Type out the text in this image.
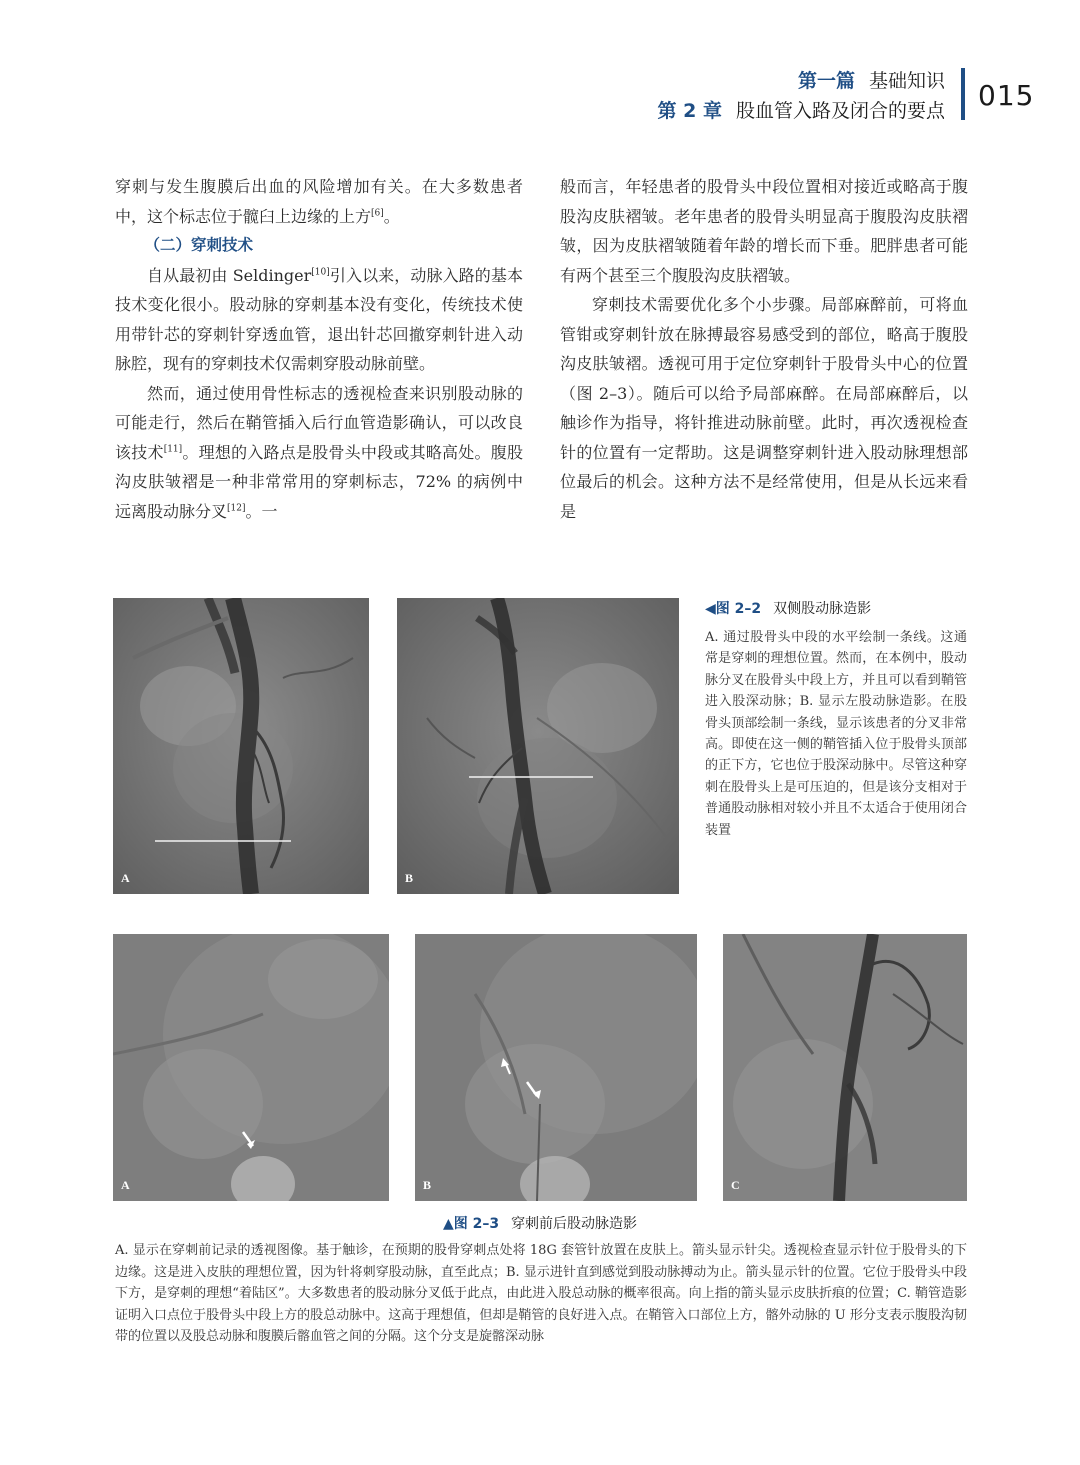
第一篇 基础知识
第 2 章 股血管入路及闭合的要点 015

穿刺与发生腹膜后出血的风险增加有关。在大多数患者中，这个标志位于髋臼上边缘的上方[6]。

（二）穿刺技术

自从最初由 Seldinger[10]引入以来，动脉入路的基本技术变化很小。股动脉的穿刺基本没有变化，传统技术使用带针芯的穿刺针穿透血管，退出针芯回撤穿刺针进入动脉腔，现有的穿刺技术仅需刺穿股动脉前壁。

然而，通过使用骨性标志的透视检查来识别股动脉的可能走行，然后在鞘管插入后行血管造影确认，可以改良该技术[11]。理想的入路点是股骨头中段或其略高处。腹股沟皮肤皱褶是一种非常常用的穿刺标志，72% 的病例中远离股动脉分叉[12]。一

般而言，年轻患者的股骨头中段位置相对接近或略高于腹股沟皮肤褶皱。老年患者的股骨头明显高于腹股沟皮肤褶皱，因为皮肤褶皱随着年龄的增长而下垂。肥胖患者可能有两个甚至三个腹股沟皮肤褶皱。

穿刺技术需要优化多个小步骤。局部麻醉前，可将血管钳或穿刺针放在脉搏最容易感受到的部位，略高于腹股沟皮肤皱褶。透视可用于定位穿刺针于股骨头中心的位置（图 2–3）。随后可以给予局部麻醉。在局部麻醉后，以触诊作为指导，将针推进动脉前壁。此时，再次透视检查针的位置有一定帮助。这是调整穿刺针进入股动脉理想部位最后的机会。这种方法不是经常使用，但是从长远来看是

A	B
◀图 2–2 双侧股动脉造影
A. 通过股骨头中段的水平绘制一条线。这通常是穿刺的理想位置。然而，在本例中，股动脉分叉在股骨头中段上方，并且可以看到鞘管进入股深动脉；B. 显示左股动脉造影。在股骨头顶部绘制一条线，显示该患者的分叉非常高。即使在这一侧的鞘管插入位于股骨头顶部的正下方，它也位于股深动脉中。尽管这种穿刺在股骨头上是可压迫的，但是该分支相对于普通股动脉相对较小并且不太适合于使用闭合装置
A	B	C
▲图 2–3 穿刺前后股动脉造影
A. 显示在穿刺前记录的透视图像。基于触诊，在预期的股骨穿刺点处将 18G 套管针放置在皮肤上。箭头显示针尖。透视检查显示针位于股骨头的下边缘。这是进入皮肤的理想位置，因为针将刺穿股动脉，直至此点；B. 显示进针直到感觉到股动脉搏动为止。箭头显示针的位置。它位于股骨头中段下方，是穿刺的理想“着陆区”。大多数患者的股动脉分叉低于此点，由此进入股总动脉的概率很高。向上指的箭头显示皮肤折痕的位置；C. 鞘管造影证明入口点位于股骨头中段上方的股总动脉中。这高于理想值，但却是鞘管的良好进入点。在鞘管入口部位上方，髂外动脉的 U 形分支表示腹股沟韧带的位置以及股总动脉和腹膜后髂血管之间的分隔。这个分支是旋髂深动脉
